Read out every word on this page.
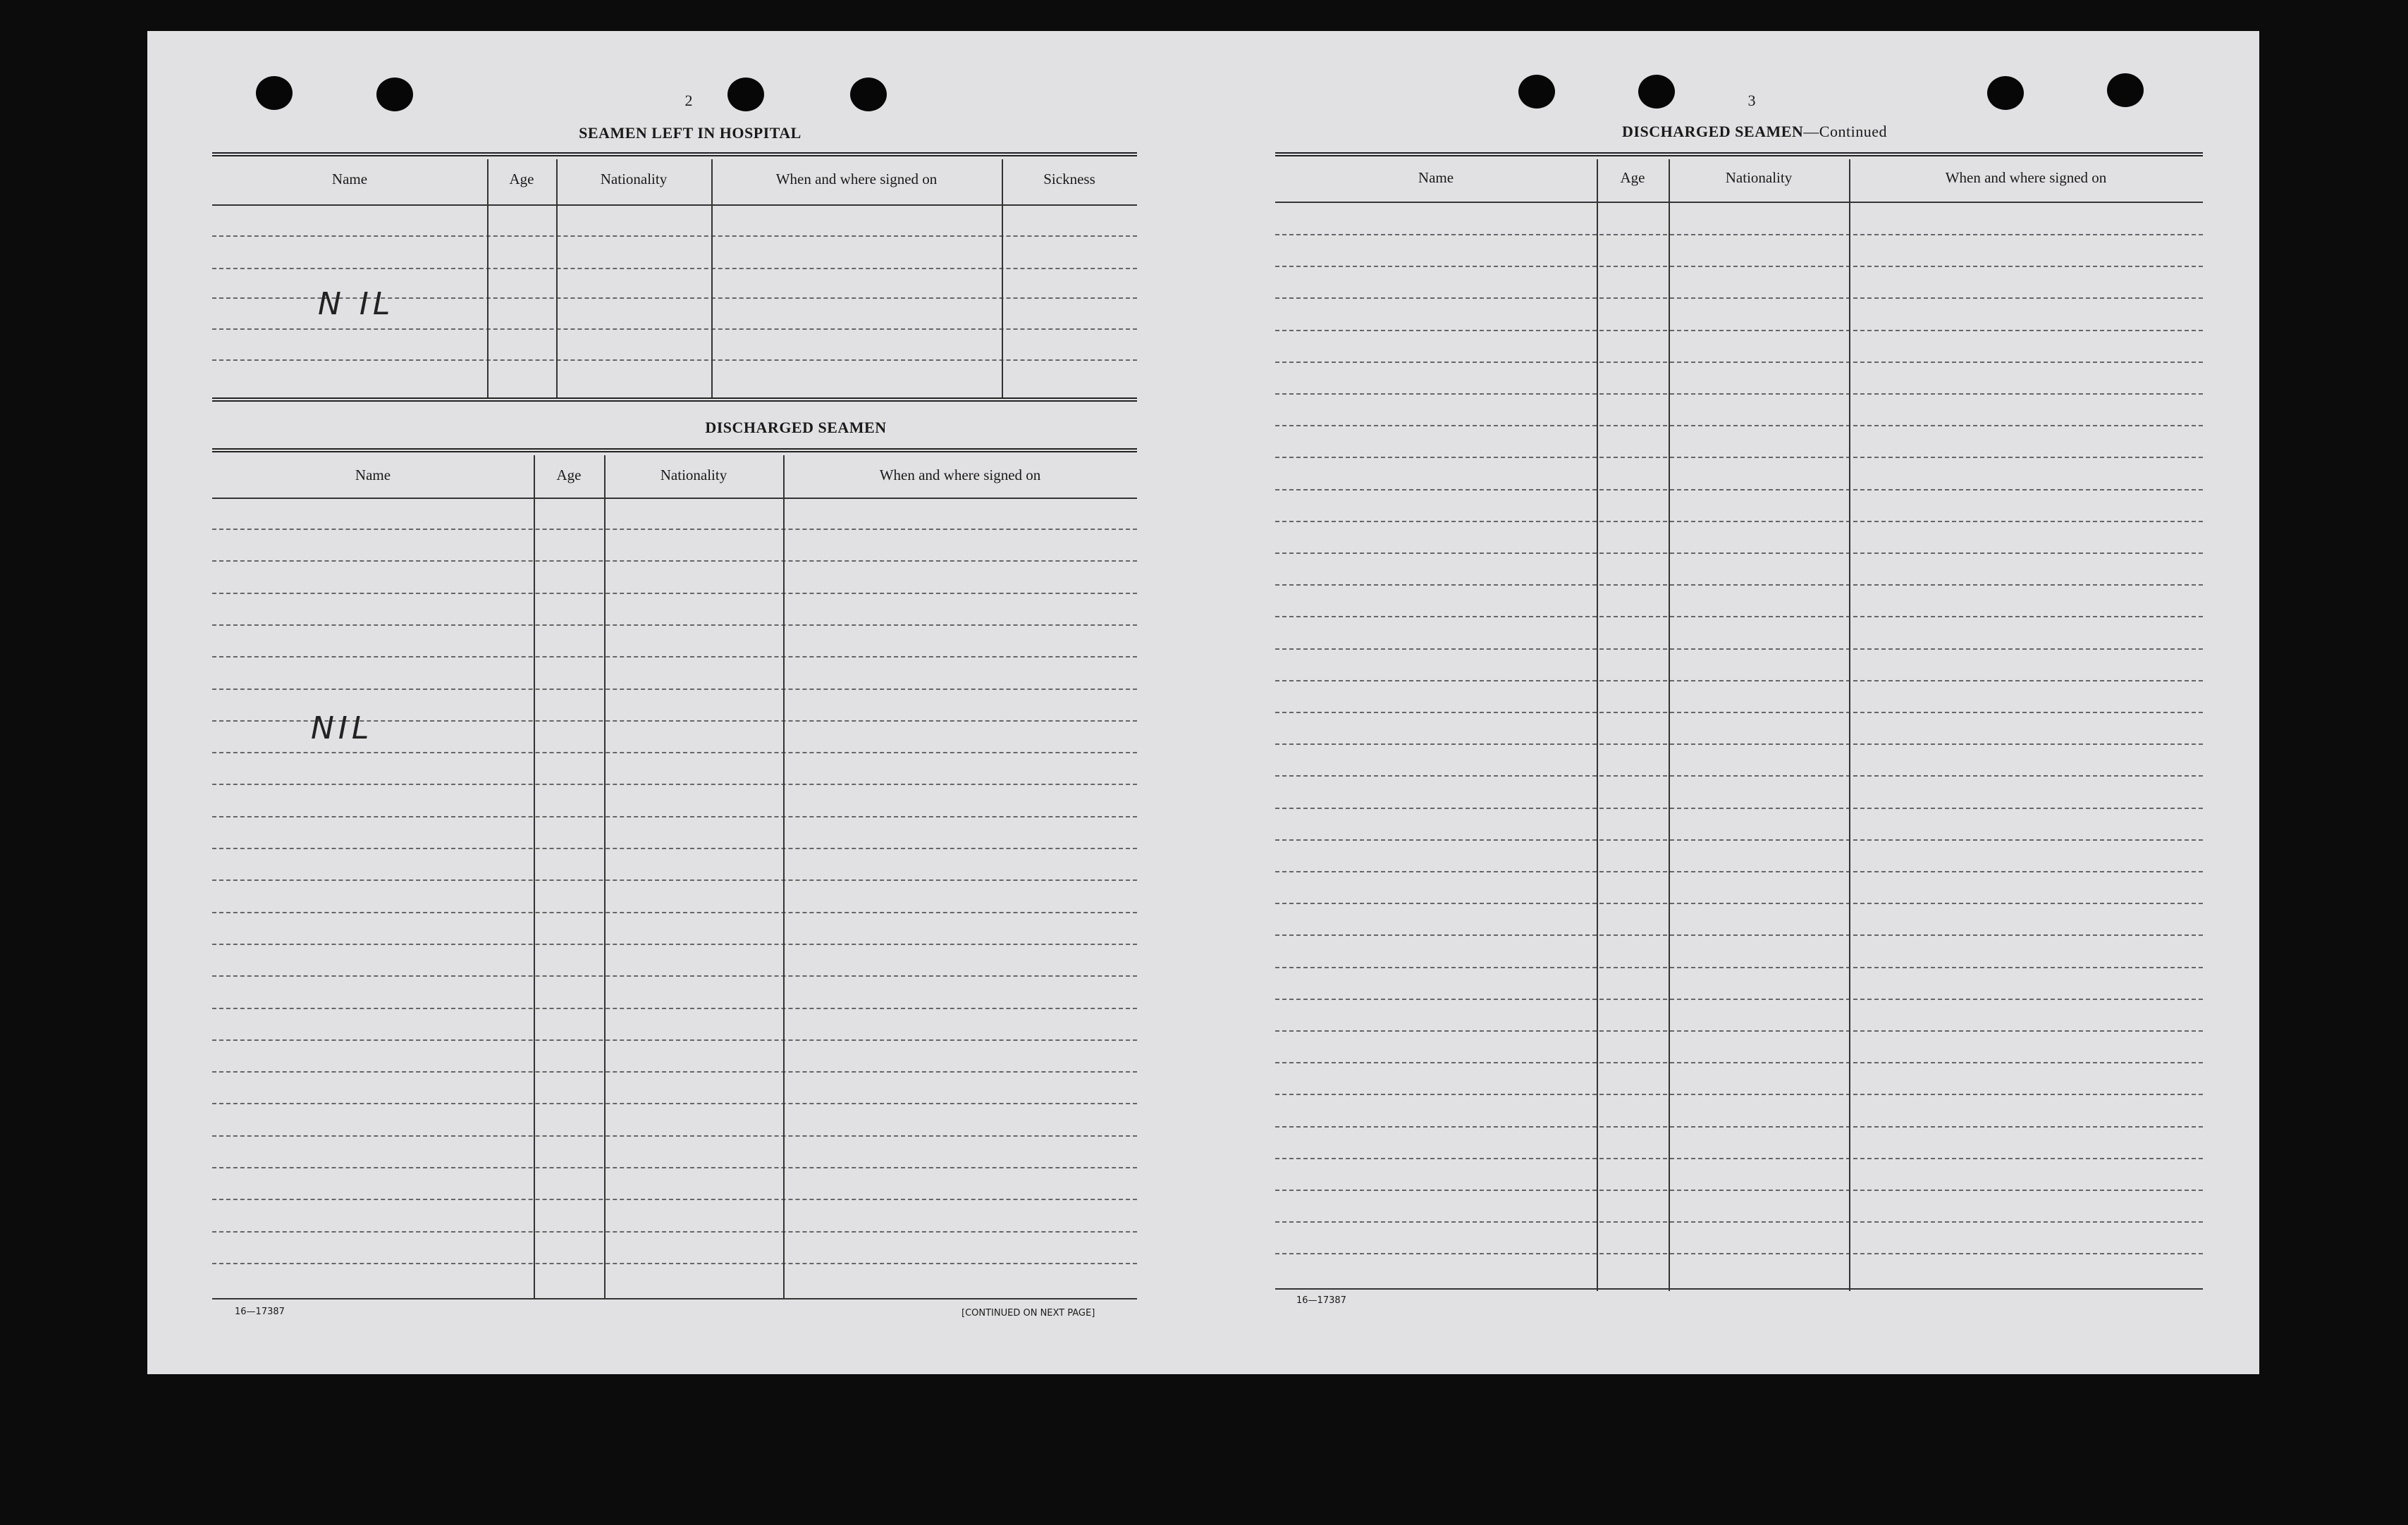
2
SEAMEN LEFT IN HOSPITAL
Name	Age	Nationality	When and where signed on	Sickness
N IL
DISCHARGED SEAMEN
Name	Age	Nationality	When and where signed on
NIL
16—17387	[CONTINUED ON NEXT PAGE]
3
DISCHARGED SEAMEN—Continued
Name	Age	Nationality	When and where signed on
16—17387
